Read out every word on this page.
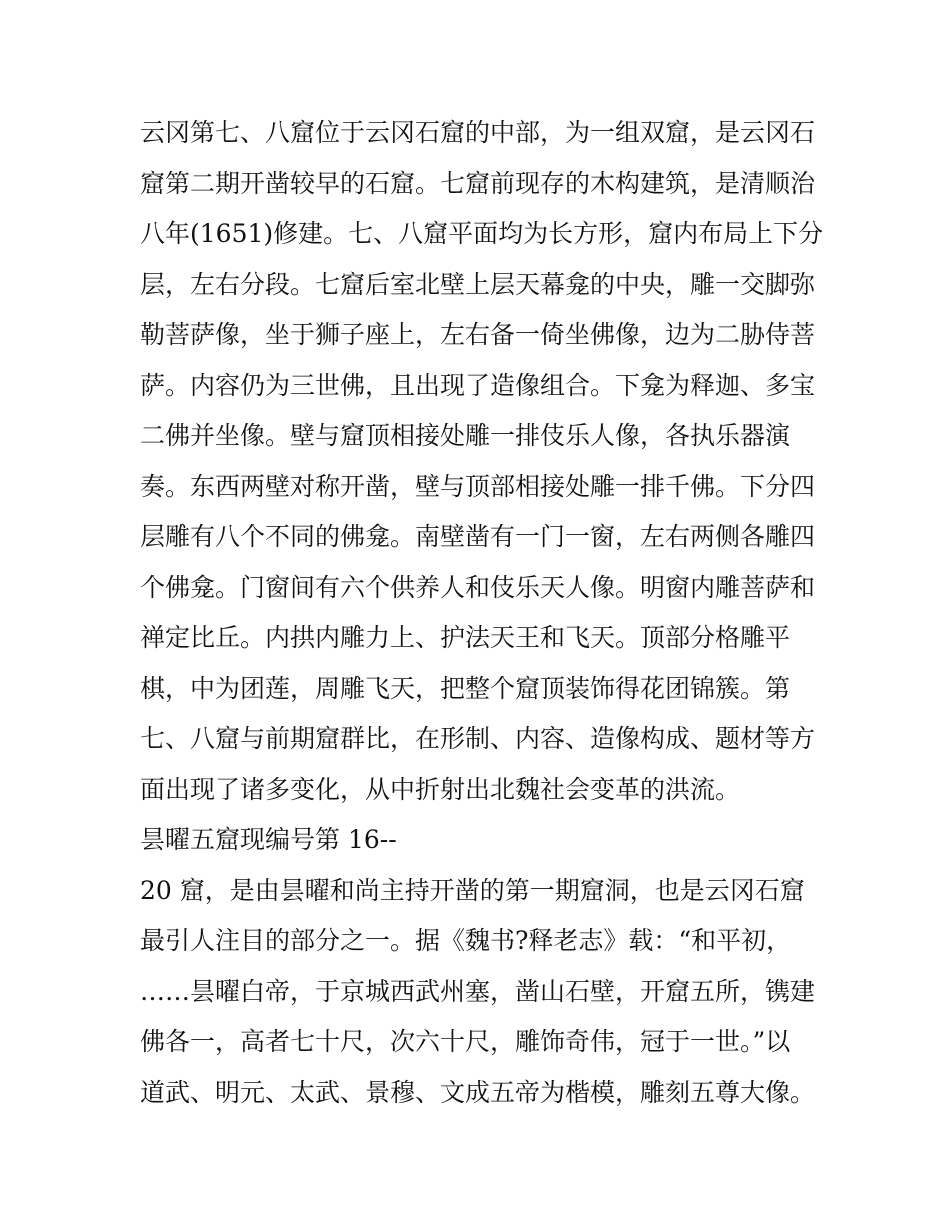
云冈第七、八窟位于云冈石窟的中部，为一组双窟，是云冈石
窟第二期开凿较早的石窟。七窟前现存的木构建筑，是清顺治
八年(1651)修建。七、八窟平面均为长方形，窟内布局上下分
层，左右分段。七窟后室北壁上层天幕龛的中央，雕一交脚弥
勒菩萨像，坐于狮子座上，左右备一倚坐佛像，边为二胁侍菩
萨。内容仍为三世佛，且出现了造像组合。下龛为释迦、多宝
二佛并坐像。壁与窟顶相接处雕一排伎乐人像，各执乐器演
奏。东西两壁对称开凿，壁与顶部相接处雕一排千佛。下分四
层雕有八个不同的佛龛。南壁凿有一门一窗，左右两侧各雕四
个佛龛。门窗间有六个供养人和伎乐天人像。明窗内雕菩萨和
禅定比丘。内拱内雕力上、护法天王和飞天。顶部分格雕平
棋，中为团莲，周雕飞天，把整个窟顶装饰得花团锦簇。第
七、八窟与前期窟群比，在形制、内容、造像构成、题材等方
面出现了诸多变化，从中折射出北魏社会变革的洪流。
昙曜五窟现编号第 16--
20 窟，是由昙曜和尚主持开凿的第一期窟洞，也是云冈石窟
最引人注目的部分之一。据《魏书?释老志》载：“和平初，
……昙曜白帝，于京城西武州塞，凿山石壁，开窟五所，镌建
佛各一，高者七十尺，次六十尺，雕饰奇伟，冠于一世。”以
道武、明元、太武、景穆、文成五帝为楷模，雕刻五尊大像。
